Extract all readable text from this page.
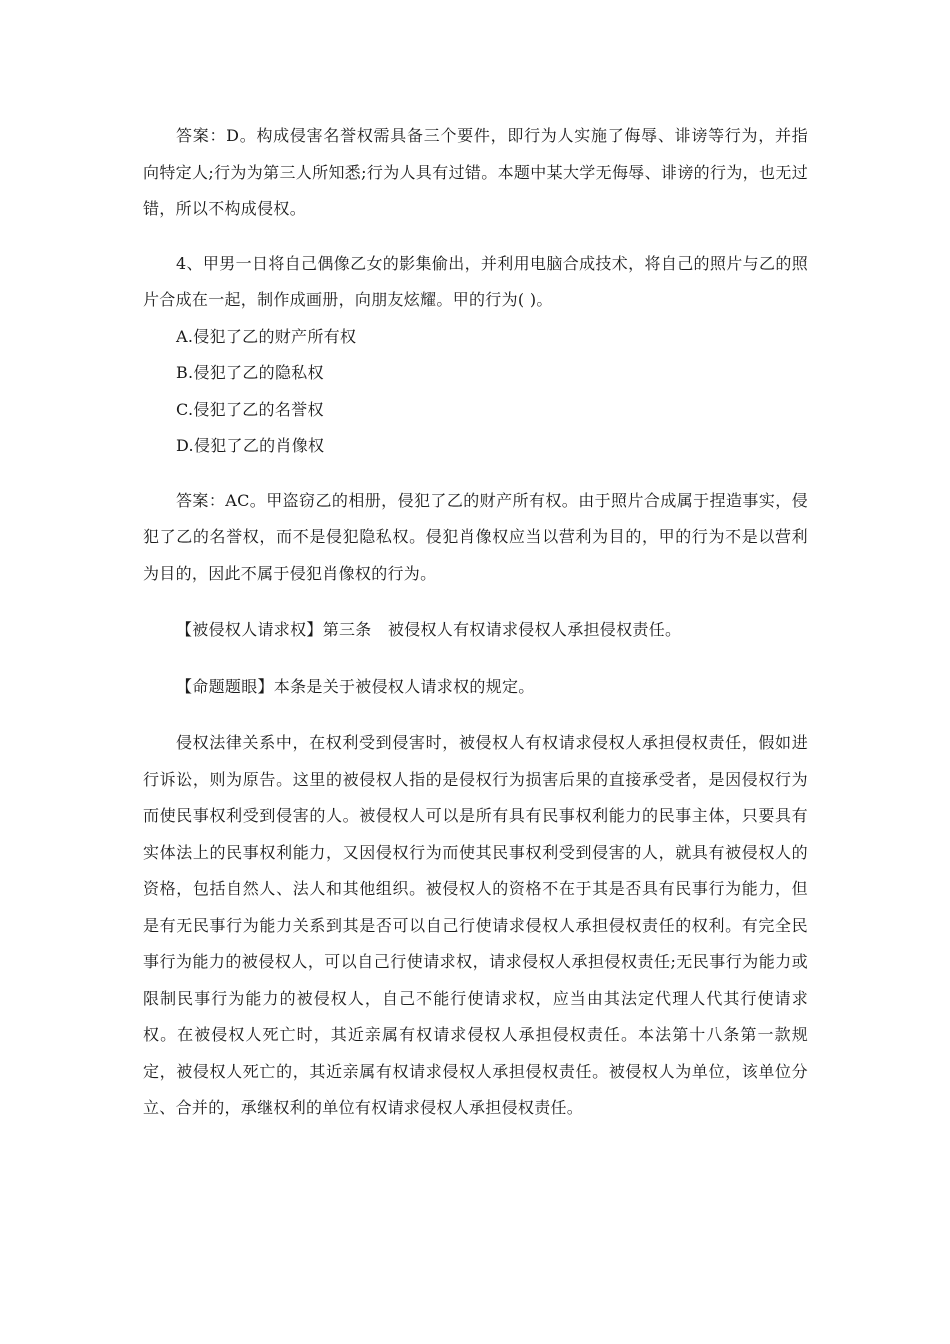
答案：D。构成侵害名誉权需具备三个要件，即行为人实施了侮辱、诽谤等行为，并指向特定人;行为为第三人所知悉;行为人具有过错。本题中某大学无侮辱、诽谤的行为，也无过错，所以不构成侵权。

4、甲男一日将自己偶像乙女的影集偷出，并利用电脑合成技术，将自己的照片与乙的照片合成在一起，制作成画册，向朋友炫耀。甲的行为( )。

A.侵犯了乙的财产所有权

B.侵犯了乙的隐私权

C.侵犯了乙的名誉权

D.侵犯了乙的肖像权

答案：AC。甲盗窃乙的相册，侵犯了乙的财产所有权。由于照片合成属于捏造事实，侵犯了乙的名誉权，而不是侵犯隐私权。侵犯肖像权应当以营利为目的，甲的行为不是以营利为目的，因此不属于侵犯肖像权的行为。

【被侵权人请求权】第三条　被侵权人有权请求侵权人承担侵权责任。

【命题题眼】本条是关于被侵权人请求权的规定。

侵权法律关系中，在权利受到侵害时，被侵权人有权请求侵权人承担侵权责任，假如进行诉讼，则为原告。这里的被侵权人指的是侵权行为损害后果的直接承受者，是因侵权行为而使民事权利受到侵害的人。被侵权人可以是所有具有民事权利能力的民事主体，只要具有实体法上的民事权利能力，又因侵权行为而使其民事权利受到侵害的人，就具有被侵权人的资格，包括自然人、法人和其他组织。被侵权人的资格不在于其是否具有民事行为能力，但是有无民事行为能力关系到其是否可以自己行使请求侵权人承担侵权责任的权利。有完全民事行为能力的被侵权人，可以自己行使请求权，请求侵权人承担侵权责任;无民事行为能力或限制民事行为能力的被侵权人，自己不能行使请求权，应当由其法定代理人代其行使请求权。在被侵权人死亡时，其近亲属有权请求侵权人承担侵权责任。本法第十八条第一款规定，被侵权人死亡的，其近亲属有权请求侵权人承担侵权责任。被侵权人为单位，该单位分立、合并的，承继权利的单位有权请求侵权人承担侵权责任。
